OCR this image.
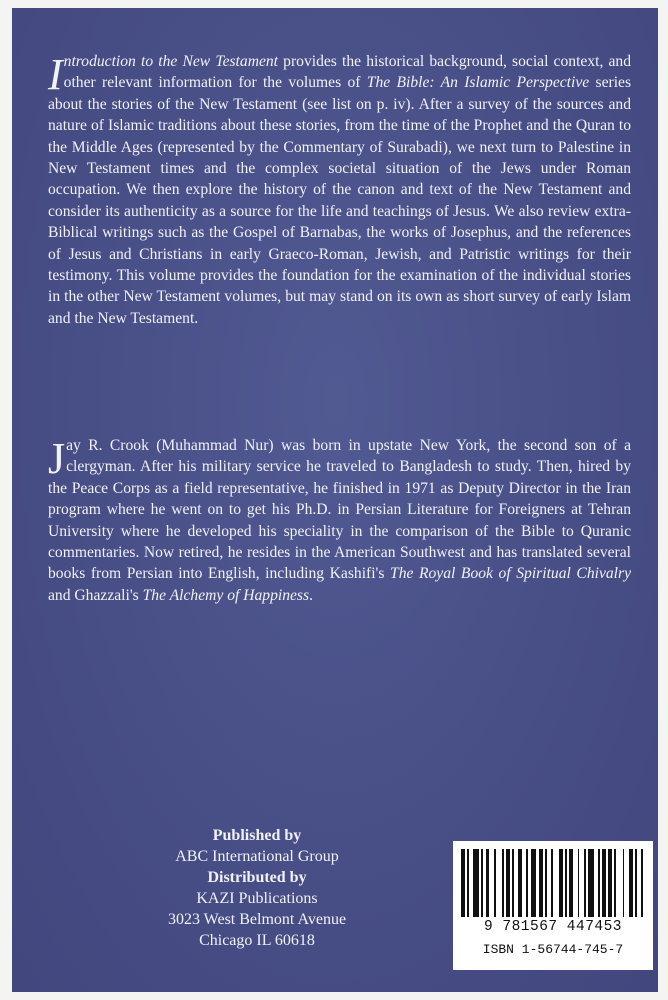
Introduction to the New Testament provides the historical background, social context, and other relevant information for the volumes of The Bible: An Islamic Perspective series about the stories of the New Testament (see list on p. iv). After a survey of the sources and nature of Islamic traditions about these stories, from the time of the Prophet and the Quran to the Middle Ages (represented by the Commentary of Surabadi), we next turn to Palestine in New Testament times and the complex societal situation of the Jews under Roman occupation. We then explore the history of the canon and text of the New Testament and consider its authenticity as a source for the life and teachings of Jesus. We also review extra-Biblical writings such as the Gospel of Barnabas, the works of Josephus, and the references of Jesus and Christians in early Graeco-Roman, Jewish, and Patristic writings for their testimony. This volume provides the foundation for the examination of the individual stories in the other New Testament volumes, but may stand on its own as short survey of early Islam and the New Testament.

Jay R. Crook (Muhammad Nur) was born in upstate New York, the second son of a clergyman. After his military service he traveled to Bangladesh to study. Then, hired by the Peace Corps as a field representative, he finished in 1971 as Deputy Director in the Iran program where he went on to get his Ph.D. in Persian Literature for Foreigners at Tehran University where he developed his speciality in the comparison of the Bible to Quranic commentaries. Now retired, he resides in the American Southwest and has translated several books from Persian into English, including Kashifi's The Royal Book of Spiritual Chivalry and Ghazzali's The Alchemy of Happiness.

Published by
ABC International Group
Distributed by
KAZI Publications
3023 West Belmont Avenue
Chicago IL 60618
9 781567 447453
ISBN 1-56744-745-7
